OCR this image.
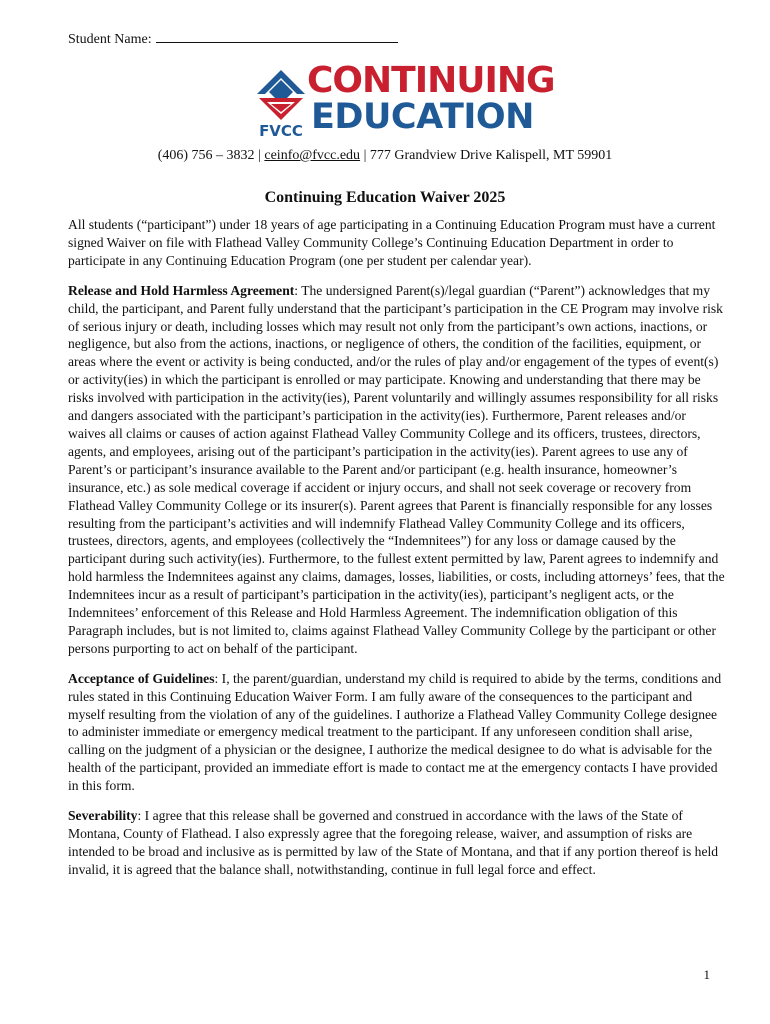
Student Name:
FVCC
CONTINUING
EDUCATION
(406) 756 – 3832 | ceinfo@fvcc.edu | 777 Grandview Drive Kalispell, MT 59901
Continuing Education Waiver 2025

All students (“participant”) under 18 years of age participating in a Continuing Education Program must have a current signed Waiver on file with Flathead Valley Community College’s Continuing Education Department in order to participate in any Continuing Education Program (one per student per calendar year).

Release and Hold Harmless Agreement: The undersigned Parent(s)/legal guardian (“Parent”) acknowledges that my child, the participant, and Parent fully understand that the participant’s participation in the CE Program may involve risk of serious injury or death, including losses which may result not only from the participant’s own actions, inactions, or negligence, but also from the actions, inactions, or negligence of others, the condition of the facilities, equipment, or areas where the event or activity is being conducted, and/or the rules of play and/or engagement of the types of event(s) or activity(ies) in which the participant is enrolled or may participate. Knowing and understanding that there may be risks involved with participation in the activity(ies), Parent voluntarily and willingly assumes responsibility for all risks and dangers associated with the participant’s participation in the activity(ies). Furthermore, Parent releases and/or waives all claims or causes of action against Flathead Valley Community College and its officers, trustees, directors, agents, and employees, arising out of the participant’s participation in the activity(ies). Parent agrees to use any of Parent’s or participant’s insurance available to the Parent and/or participant (e.g. health insurance, homeowner’s insurance, etc.) as sole medical coverage if accident or injury occurs, and shall not seek coverage or recovery from Flathead Valley Community College or its insurer(s). Parent agrees that Parent is financially responsible for any losses resulting from the participant’s activities and will indemnify Flathead Valley Community College and its officers, trustees, directors, agents, and employees (collectively the “Indemnitees”) for any loss or damage caused by the participant during such activity(ies). Furthermore, to the fullest extent permitted by law, Parent agrees to indemnify and hold harmless the Indemnitees against any claims, damages, losses, liabilities, or costs, including attorneys’ fees, that the Indemnitees incur as a result of participant’s participation in the activity(ies), participant’s negligent acts, or the Indemnitees’ enforcement of this Release and Hold Harmless Agreement. The indemnification obligation of this Paragraph includes, but is not limited to, claims against Flathead Valley Community College by the participant or other persons purporting to act on behalf of the participant.

Acceptance of Guidelines: I, the parent/guardian, understand my child is required to abide by the terms, conditions and rules stated in this Continuing Education Waiver Form. I am fully aware of the consequences to the participant and myself resulting from the violation of any of the guidelines. I authorize a Flathead Valley Community College designee to administer immediate or emergency medical treatment to the participant. If any unforeseen condition shall arise, calling on the judgment of a physician or the designee, I authorize the medical designee to do what is advisable for the health of the participant, provided an immediate effort is made to contact me at the emergency contacts I have provided in this form.

Severability: I agree that this release shall be governed and construed in accordance with the laws of the State of Montana, County of Flathead. I also expressly agree that the foregoing release, waiver, and assumption of risks are intended to be broad and inclusive as is permitted by law of the State of Montana, and that if any portion thereof is held invalid, it is agreed that the balance shall, notwithstanding, continue in full legal force and effect.

1
